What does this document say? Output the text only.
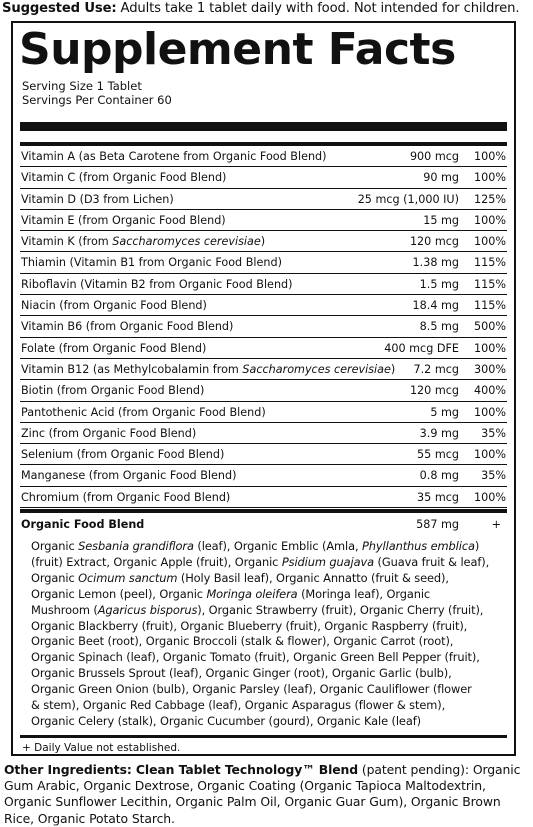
Suggested Use: Adults take 1 tablet daily with food. Not intended for children.
Supplement Facts
Serving Size 1 Tablet
Servings Per Container 60
Vitamin A (as Beta Carotene from Organic Food Blend)	900 mcg 100%
Vitamin C (from Organic Food Blend)	90 mg 100%
Vitamin D (D3 from Lichen)	25 mcg (1,000 IU) 125%
Vitamin E (from Organic Food Blend)	15 mg 100%
Vitamin K (from Saccharomyces cerevisiae)	120 mcg 100%
Thiamin (Vitamin B1 from Organic Food Blend)	1.38 mg 115%
Riboflavin (Vitamin B2 from Organic Food Blend)	1.5 mg 115%
Niacin (from Organic Food Blend)	18.4 mg 115%
Vitamin B6 (from Organic Food Blend)	8.5 mg 500%
Folate (from Organic Food Blend)	400 mcg DFE 100%
Vitamin B12 (as Methylcobalamin from Saccharomyces cerevisiae) 7.2 mcg 300%
Biotin (from Organic Food Blend)	120 mcg 400%
Pantothenic Acid (from Organic Food Blend)	5 mg 100%
Zinc (from Organic Food Blend)	3.9 mg 35%
Selenium (from Organic Food Blend)	55 mcg 100%
Manganese (from Organic Food Blend)	0.8 mg 35%
Chromium (from Organic Food Blend)	35 mcg 100%
Organic Food Blend	587 mg	+

Organic Sesbania grandiflora (leaf), Organic Emblic (Amla, Phyllanthus emblica)

(fruit) Extract, Organic Apple (fruit), Organic Psidium guajava (Guava fruit & leaf),

Organic Ocimum sanctum (Holy Basil leaf), Organic Annatto (fruit & seed),

Organic Lemon (peel), Organic Moringa oleifera (Moringa leaf), Organic

Mushroom (Agaricus bisporus), Organic Strawberry (fruit), Organic Cherry (fruit),

Organic Blackberry (fruit), Organic Blueberry (fruit), Organic Raspberry (fruit),

Organic Beet (root), Organic Broccoli (stalk & flower), Organic Carrot (root),

Organic Spinach (leaf), Organic Tomato (fruit), Organic Green Bell Pepper (fruit),

Organic Brussels Sprout (leaf), Organic Ginger (root), Organic Garlic (bulb),

Organic Green Onion (bulb), Organic Parsley (leaf), Organic Cauliflower (flower

& stem), Organic Red Cabbage (leaf), Organic Asparagus (flower & stem),

Organic Celery (stalk), Organic Cucumber (gourd), Organic Kale (leaf)

+ Daily Value not established.

Other Ingredients: Clean Tablet Technology™ Blend (patent pending): Organic

Gum Arabic, Organic Dextrose, Organic Coating (Organic Tapioca Maltodextrin,

Organic Sunflower Lecithin, Organic Palm Oil, Organic Guar Gum), Organic Brown

Rice, Organic Potato Starch.
